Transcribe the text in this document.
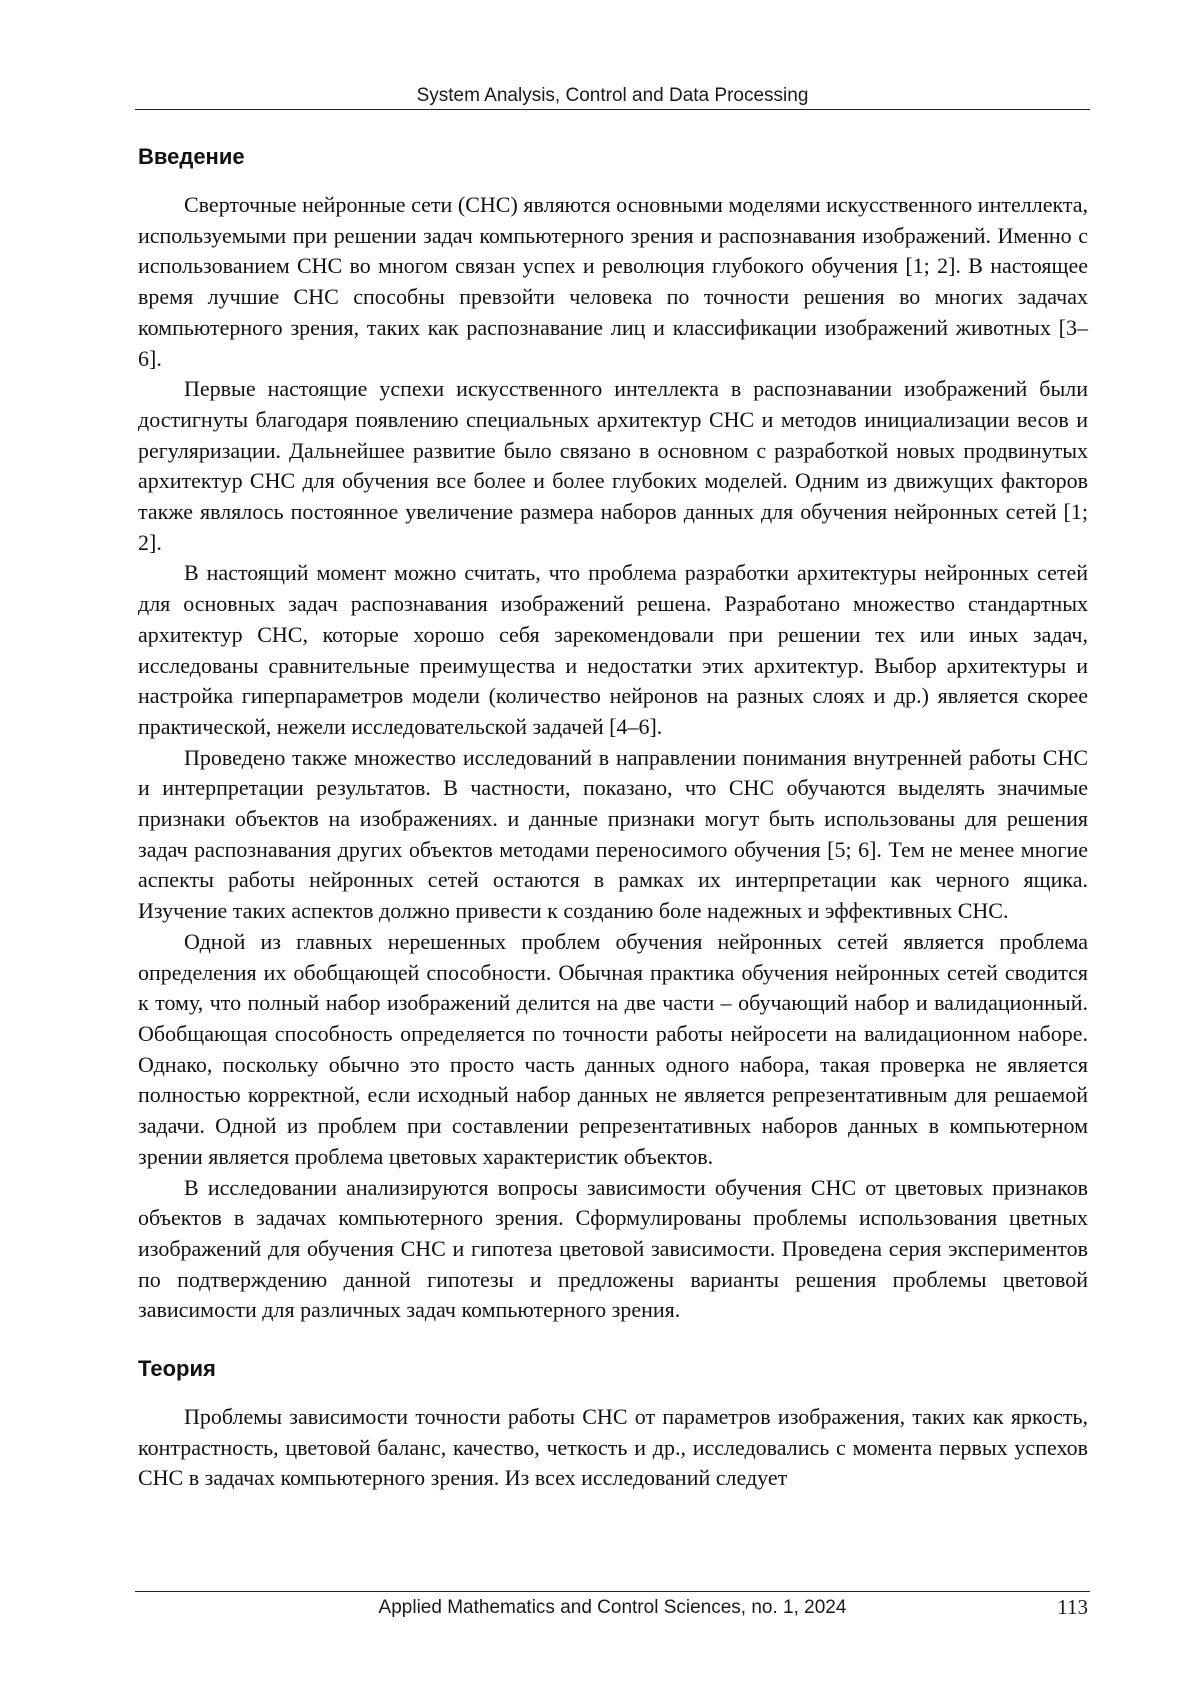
System Analysis, Control and Data Processing
Введение

Сверточные нейронные сети (СНС) являются основными моделями искусственного интеллекта, используемыми при решении задач компьютерного зрения и распознавания изображений. Именно с использованием СНС во многом связан успех и революция глубокого обучения [1; 2]. В настоящее время лучшие СНС способны превзойти человека по точности решения во многих задачах компьютерного зрения, таких как распознавание лиц и классификации изображений животных [3–6].

Первые настоящие успехи искусственного интеллекта в распознавании изображений были достигнуты благодаря появлению специальных архитектур СНС и методов инициализации весов и регуляризации. Дальнейшее развитие было связано в основном с разработкой новых продвинутых архитектур СНС для обучения все более и более глубоких моделей. Одним из движущих факторов также являлось постоянное увеличение размера наборов данных для обучения нейронных сетей [1; 2].

В настоящий момент можно считать, что проблема разработки архитектуры нейронных сетей для основных задач распознавания изображений решена. Разработано множество стандартных архитектур СНС, которые хорошо себя зарекомендовали при решении тех или иных задач, исследованы сравнительные преимущества и недостатки этих архитектур. Выбор архитектуры и настройка гиперпараметров модели (количество нейронов на разных слоях и др.) является скорее практической, нежели исследовательской задачей [4–6].

Проведено также множество исследований в направлении понимания внутренней работы СНС и интерпретации результатов. В частности, показано, что СНС обучаются выделять значимые признаки объектов на изображениях. и данные признаки могут быть использованы для решения задач распознавания других объектов методами переносимого обучения [5; 6]. Тем не менее многие аспекты работы нейронных сетей остаются в рамках их интерпретации как черного ящика. Изучение таких аспектов должно привести к созданию боле надежных и эффективных СНС.

Одной из главных нерешенных проблем обучения нейронных сетей является проблема определения их обобщающей способности. Обычная практика обучения нейронных сетей сводится к тому, что полный набор изображений делится на две части – обучающий набор и валидационный. Обобщающая способность определяется по точности работы нейросети на валидационном наборе. Однако, поскольку обычно это просто часть данных одного набора, такая проверка не является полностью корректной, если исходный набор данных не является репрезентативным для решаемой задачи. Одной из проблем при составлении репрезентативных наборов данных в компьютерном зрении является проблема цветовых характеристик объектов.

В исследовании анализируются вопросы зависимости обучения СНС от цветовых признаков объектов в задачах компьютерного зрения. Сформулированы проблемы использования цветных изображений для обучения СНС и гипотеза цветовой зависимости. Проведена серия экспериментов по подтверждению данной гипотезы и предложены варианты решения проблемы цветовой зависимости для различных задач компьютерного зрения.

Теория

Проблемы зависимости точности работы СНС от параметров изображения, таких как яркость, контрастность, цветовой баланс, качество, четкость и др., исследовались с момента первых успехов СНС в задачах компьютерного зрения. Из всех исследований следует

Applied Mathematics and Control Sciences, no. 1, 2024	113
